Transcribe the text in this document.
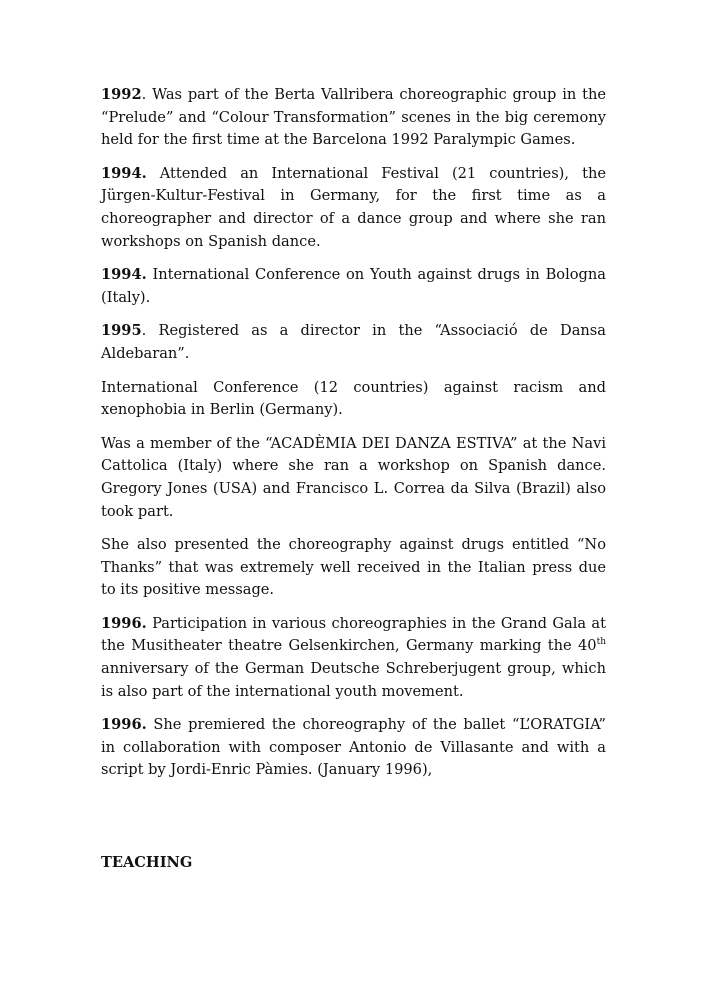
1992. Was part of the Berta Vallribera choreographic group in the “Prelude” and “Colour Transformation” scenes in the big ceremony held for the first time at the Barcelona 1992 Paralympic Games.

1994. Attended an International Festival (21 countries), the Jürgen-Kultur-Festival in Germany, for the first time as a choreographer and director of a dance group and where she ran workshops on Spanish dance.

1994. International Conference on Youth against drugs in Bologna (Italy).

1995. Registered as a director in the “Associació de Dansa Aldebaran”.

International Conference (12 countries) against racism and xenophobia in Berlin (Germany).

Was a member of the “ACADÈMIA DEI DANZA ESTIVA” at the Navi Cattolica (Italy) where she ran a workshop on Spanish dance. Gregory Jones (USA) and Francisco L. Correa da Silva (Brazil) also took part.

She also presented the choreography against drugs entitled “No Thanks” that was extremely well received in the Italian press due to its positive message.

1996. Participation in various choreographies in the Grand Gala at the Musitheater theatre Gelsenkirchen, Germany marking the 40th anniversary of the German Deutsche Schreberjugent group, which is also part of the international youth movement.

1996. She premiered the choreography of the ballet “L’ORATGIA” in collaboration with composer Antonio de Villasante and with a script by Jordi-Enric Pàmies. (January 1996),

TEACHING
